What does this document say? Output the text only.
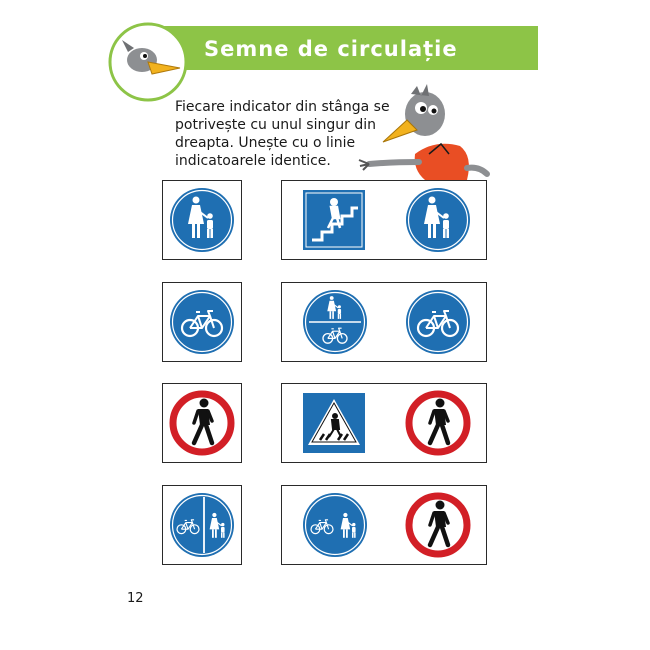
Semne de circulație
Fiecare indicator din stânga se
potrivește cu unul singur din
dreapta. Unește cu o linie
indicatoarele identice.
12
